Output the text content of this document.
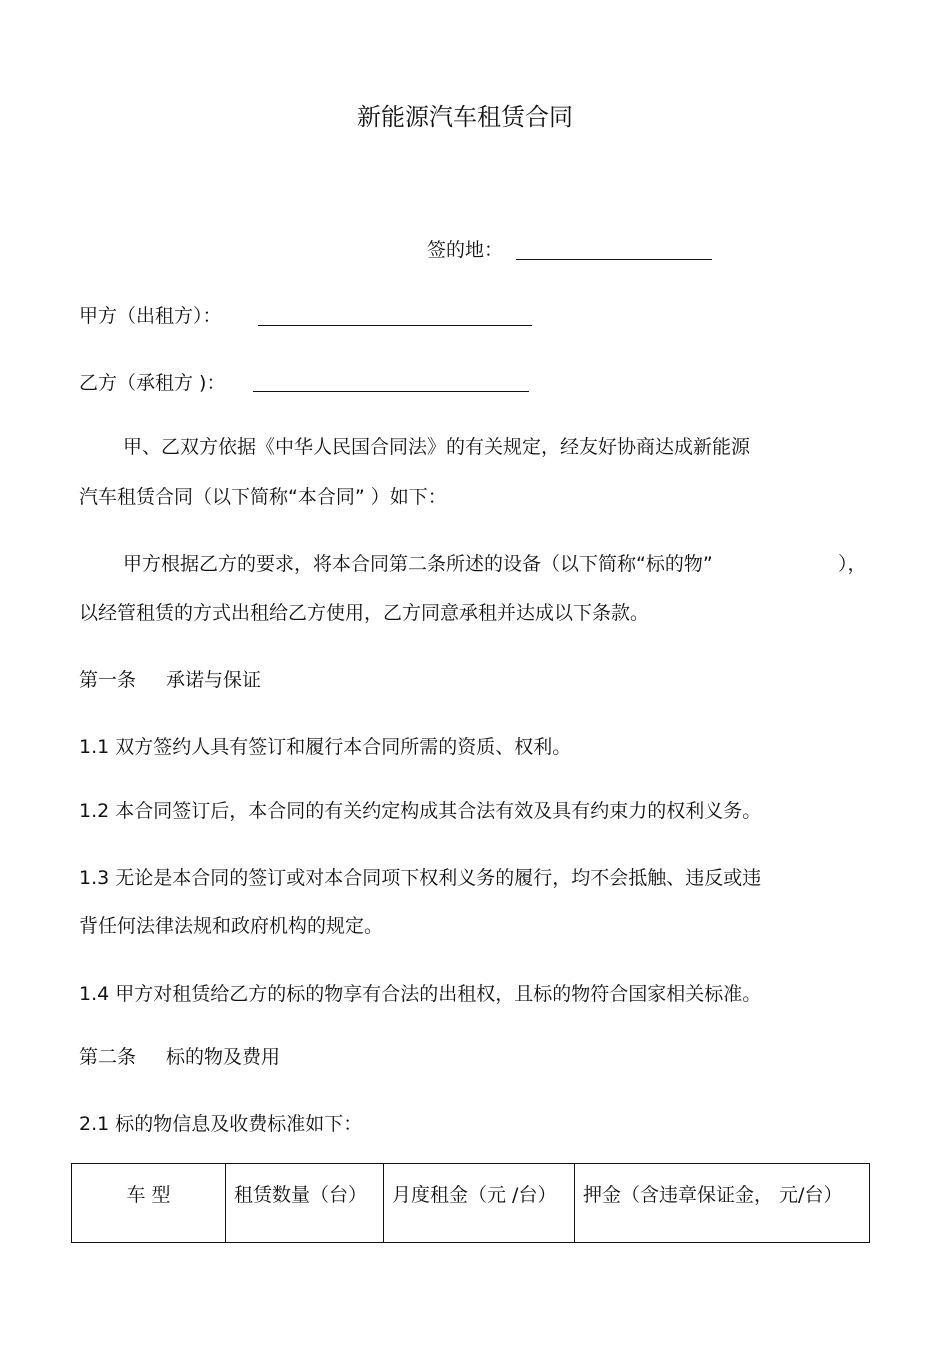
新能源汽车租赁合同
签的地：
甲方（出租方）：
乙方（承租方 )：
甲、乙双方依据《中华人民国合同法》的有关规定，经友好协商达成新能源
汽车租赁合同（以下简称“本合同” ）如下：
甲方根据乙方的要求，将本合同第二条所述的设备（以下简称“标的物”	），
以经管租赁的方式出租给乙方使用，乙方同意承租并达成以下条款。
第一条 承诺与保证
1.1 双方签约人具有签订和履行本合同所需的资质、权利。
1.2 本合同签订后，本合同的有关约定构成其合法有效及具有约束力的权利义务。
1.3 无论是本合同的签订或对本合同项下权利义务的履行，均不会抵触、违反或违
背任何法律法规和政府机构的规定。
1.4 甲方对租赁给乙方的标的物享有合法的出租权，且标的物符合国家相关标准。
第二条 标的物及费用
2.1 标的物信息及收费标准如下：
车 型	租赁数量（台）	月度租金（元 /台）	押金（含违章保证金， 元/台）
